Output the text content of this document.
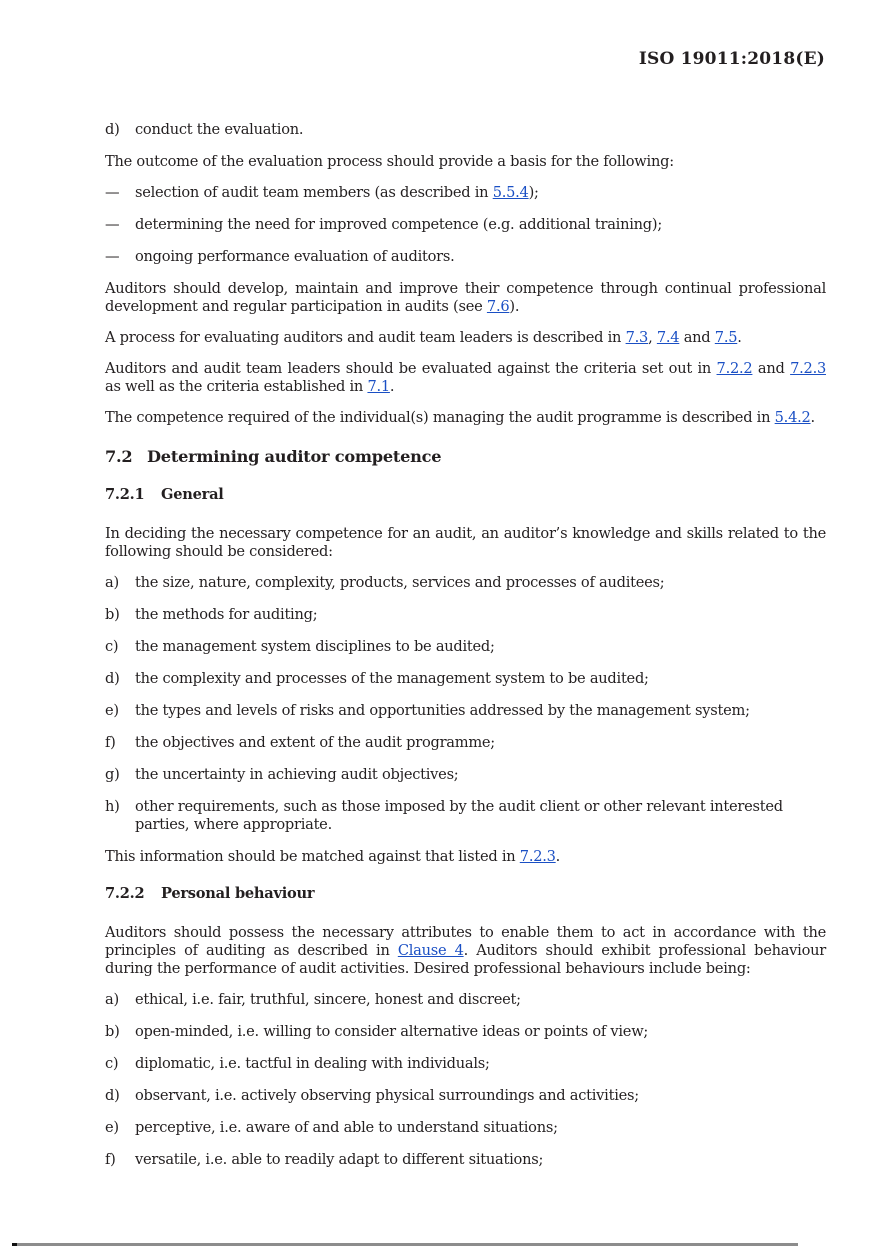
ISO 19011:2018(E)
d)	conduct the evaluation.

The outcome of the evaluation process should provide a basis for the following:

—	selection of audit team members (as described in 5.5.4);
—	determining the need for improved competence (e.g. additional training);
—	ongoing performance evaluation of auditors.

Auditors should develop, maintain and improve their competence through continual professional development and regular participation in audits (see 7.6).

A process for evaluating auditors and audit team leaders is described in 7.3, 7.4 and 7.5.

Auditors and audit team leaders should be evaluated against the criteria set out in 7.2.2 and 7.2.3 as well as the criteria established in 7.1.

The competence required of the individual(s) managing the audit programme is described in 5.4.2.

7.2 Determining auditor competence
7.2.1	General

In deciding the necessary competence for an audit, an auditor’s knowledge and skills related to the following should be considered:

a)	the size, nature, complexity, products, services and processes of auditees;
b)	the methods for auditing;
c)	the management system disciplines to be audited;
d)	the complexity and processes of the management system to be audited;
e)	the types and levels of risks and opportunities addressed by the management system;
f)	the objectives and extent of the audit programme;
g)	the uncertainty in achieving audit objectives;
h)	other requirements, such as those imposed by the audit client or other relevant interested parties, where appropriate.

This information should be matched against that listed in 7.2.3.

7.2.2	Personal behaviour

Auditors should possess the necessary attributes to enable them to act in accordance with the principles of auditing as described in Clause 4. Auditors should exhibit professional behaviour during the performance of audit activities. Desired professional behaviours include being:

a)	ethical, i.e. fair, truthful, sincere, honest and discreet;
b)	open-minded, i.e. willing to consider alternative ideas or points of view;
c)	diplomatic, i.e. tactful in dealing with individuals;
d)	observant, i.e. actively observing physical surroundings and activities;
e)	perceptive, i.e. aware of and able to understand situations;
f)	versatile, i.e. able to readily adapt to different situations;
